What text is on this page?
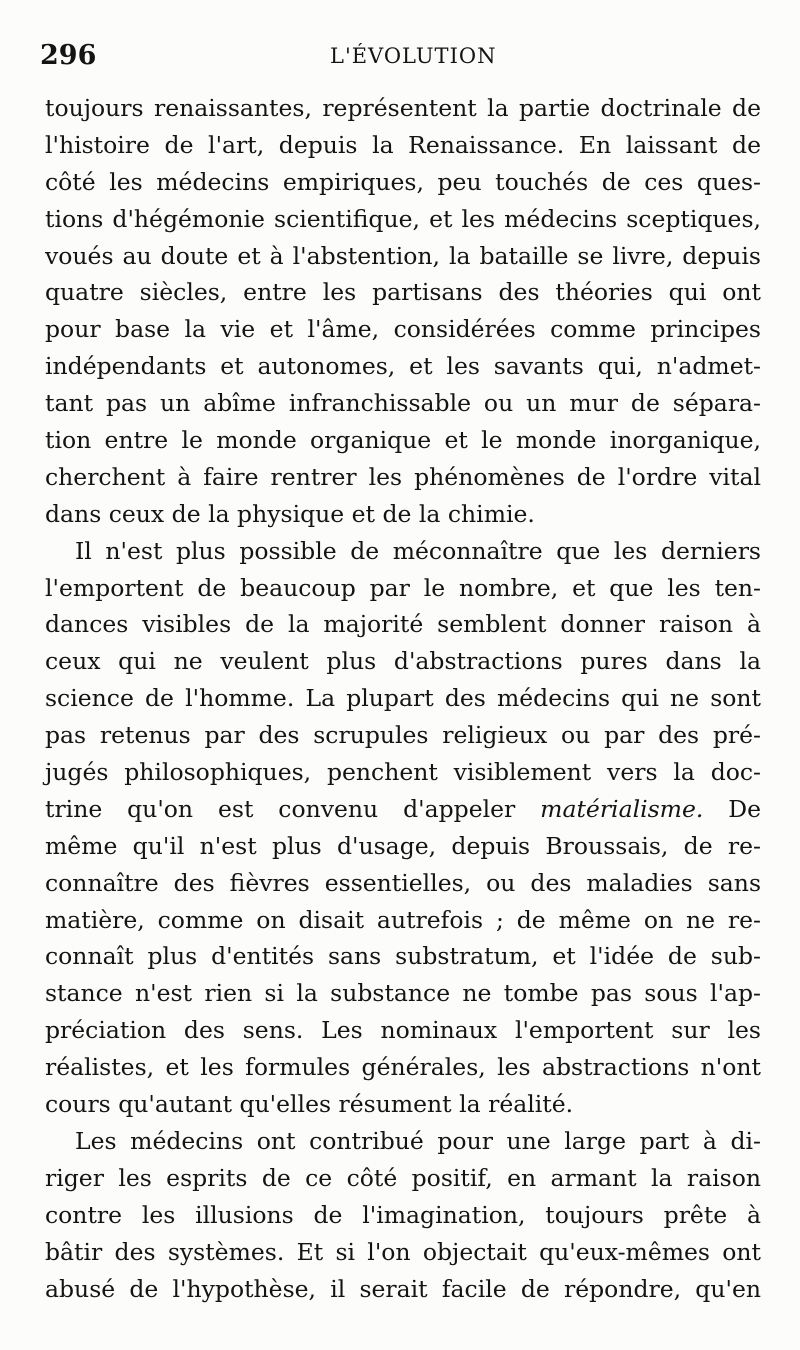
296	L'ÉVOLUTION
toujours renaissantes, représentent la partie doctrinale de
l'histoire de l'art, depuis la Renaissance. En laissant de
côté les médecins empiriques, peu touchés de ces ques-
tions d'hégémonie scientifique, et les médecins sceptiques,
voués au doute et à l'abstention, la bataille se livre, depuis
quatre siècles, entre les partisans des théories qui ont
pour base la vie et l'âme, considérées comme principes
indépendants et autonomes, et les savants qui, n'admet-
tant pas un abîme infranchissable ou un mur de sépara-
tion entre le monde organique et le monde inorganique,
cherchent à faire rentrer les phénomènes de l'ordre vital
dans ceux de la physique et de la chimie.
Il n'est plus possible de méconnaître que les derniers
l'emportent de beaucoup par le nombre, et que les ten-
dances visibles de la majorité semblent donner raison à
ceux qui ne veulent plus d'abstractions pures dans la
science de l'homme. La plupart des médecins qui ne sont
pas retenus par des scrupules religieux ou par des pré-
jugés philosophiques, penchent visiblement vers la doc-
trine qu'on est convenu d'appeler matérialisme. De
même qu'il n'est plus d'usage, depuis Broussais, de re-
connaître des fièvres essentielles, ou des maladies sans
matière, comme on disait autrefois ; de même on ne re-
connaît plus d'entités sans substratum, et l'idée de sub-
stance n'est rien si la substance ne tombe pas sous l'ap-
préciation des sens. Les nominaux l'emportent sur les
réalistes, et les formules générales, les abstractions n'ont
cours qu'autant qu'elles résument la réalité.
Les médecins ont contribué pour une large part à di-
riger les esprits de ce côté positif, en armant la raison
contre les illusions de l'imagination, toujours prête à
bâtir des systèmes. Et si l'on objectait qu'eux-mêmes ont
abusé de l'hypothèse, il serait facile de répondre, qu'en
